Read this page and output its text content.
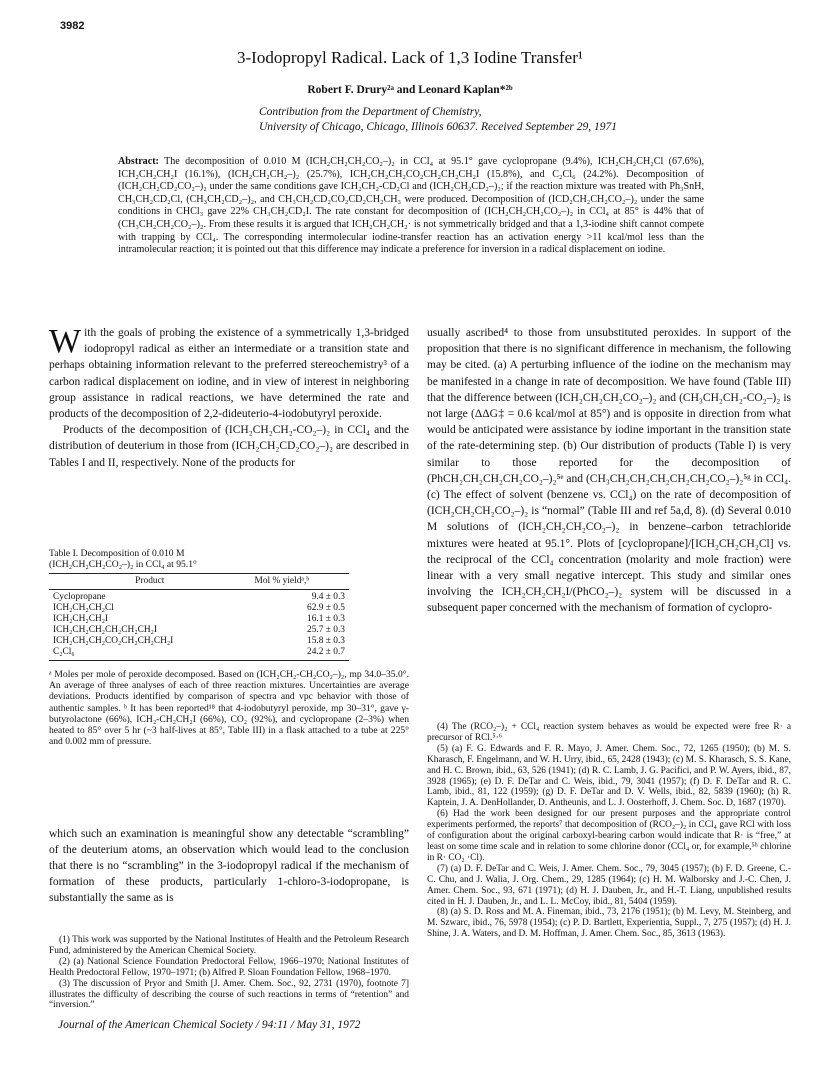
3982
3-Iodopropyl Radical. Lack of 1,3 Iodine Transfer¹
Robert F. Drury²ᵃ and Leonard Kaplan*²ᵇ
Contribution from the Department of Chemistry,
University of Chicago, Chicago, Illinois 60637. Received September 29, 1971
Abstract: The decomposition of 0.010 M (ICH₂CH₂CH₂CO₂–)₂ in CCl₄ at 95.1° gave cyclopropane (9.4%), ICH₂CH₂CH₂Cl (67.6%), ICH₂CH₂CH₂I (16.1%), (ICH₂CH₂CH₂–)₂ (25.7%), ICH₂CH₂CH₂CO₂CH₂CH₂CH₂I (15.8%), and C₂Cl₆ (24.2%). Decomposition of (ICH₂CH₂CD₂CO₂–)₂ under the same conditions gave ICH₂CH₂-CD₂Cl and (ICH₂CH₂CD₂–)₂; if the reaction mixture was treated with Ph₃SnH, CH₃CH₂CD₂Cl, (CH₃CH₂CD₂–)₂, and CH₃CH₂CD₂CO₂CD₂CH₂CH₃ were produced. Decomposition of (ICD₂CH₂CH₂CO₂–)₂ under the same conditions in CHCl₃ gave 22% CH₃CH₂CD₂I. The rate constant for decomposition of (ICH₂CH₂CH₂CO₂–)₂ in CCl₄ at 85° is 44% that of (CH₃CH₂CH₂CO₂–)₂. From these results it is argued that ICH₂CH₂CH₂· is not symmetrically bridged and that a 1,3-iodine shift cannot compete with trapping by CCl₄. The corresponding intermolecular iodine-transfer reaction has an activation energy >11 kcal/mol less than the intramolecular reaction; it is pointed out that this difference may indicate a preference for inversion in a radical displacement on iodine.
W ith the goals of probing the existence of a symmetrically 1,3-bridged iodopropyl radical as either an intermediate or a transition state and perhaps obtaining information relevant to the preferred stereochemistry³ of a carbon radical displacement on iodine, and in view of interest in neighboring group assistance in radical reactions, we have determined the rate and products of the decomposition of 2,2-dideuterio-4-iodobutyryl peroxide.
Products of the decomposition of (ICH₂CH₂CH₂-CO₂–)₂ in CCl₄ and the distribution of deuterium in those from (ICH₂CH₂CD₂CO₂–)₂ are described in Tables I and II, respectively. None of the products for
Table I. Decomposition of 0.010 M
(ICH₂CH₂CH₂CO₂–)₂ in CCl₄ at 95.1°
Product	Mol % yieldᵃ,ᵇ
Cyclopropane	9.4 ± 0.3
ICH₂CH₂CH₂Cl	62.9 ± 0.5
ICH₂CH₂CH₂I	16.1 ± 0.3
ICH₂CH₂CH₂CH₂CH₂CH₂I	25.7 ± 0.3
ICH₂CH₂CH₂CO₂CH₂CH₂CH₂I	15.8 ± 0.3
C₂Cl₆	24.2 ± 0.7
ᵃ Moles per mole of peroxide decomposed. Based on (ICH₂CH₂-CH₂CO₂–)₂, mp 34.0–35.0°. An average of three analyses of each of three reaction mixtures. Uncertainties are average deviations. Products identified by comparison of spectra and vpc behavior with those of authentic samples. ᵇ It has been reported¹⁸ that 4-iodobutyryl peroxide, mp 30–31°, gave γ-butyrolactone (66%), ICH₂-CH₂CH₂I (66%), CO₂ (92%), and cyclopropane (2–3%) when heated to 85° over 5 hr (~3 half-lives at 85°, Table III) in a flask attached to a tube at 225° and 0.002 mm of pressure.
which such an examination is meaningful show any detectable “scrambling” of the deuterium atoms, an observation which would lead to the conclusion that there is no “scrambling” in the 3-iodopropyl radical if the mechanism of formation of these products, particularly 1-chloro-3-iodopropane, is substantially the same as is

(1) This work was supported by the National Institutes of Health and the Petroleum Research Fund, administered by the American Chemical Society.

(2) (a) National Science Foundation Predoctoral Fellow, 1966–1970; National Institutes of Health Predoctoral Fellow, 1970–1971; (b) Alfred P. Sloan Foundation Fellow, 1968–1970.

(3) The discussion of Pryor and Smith [J. Amer. Chem. Soc., 92, 2731 (1970), footnote 7] illustrates the difficulty of describing the course of such reactions in terms of “retention” and “inversion.”

usually ascribed⁴ to those from unsubstituted peroxides. In support of the proposition that there is no significant difference in mechanism, the following may be cited. (a) A perturbing influence of the iodine on the mechanism may be manifested in a change in rate of decomposition. We have found (Table III) that the difference between (ICH₂CH₂CH₂CO₂–)₂ and (CH₃CH₂CH₂-CO₂–)₂ is not large (ΔΔG‡ = 0.6 kcal/mol at 85°) and is opposite in direction from what would be anticipated were assistance by iodine important in the transition state of the rate-determining step. (b) Our distribution of products (Table I) is very similar to those reported for the decomposition of (PhCH₂CH₂CH₂CH₂CO₂–)₂⁵ᵉ and (CH₃CH₂CH₂CH₂CH₂CH₂CO₂–)₂⁵ᵍ in CCl₄. (c) The effect of solvent (benzene vs. CCl₄) on the rate of decomposition of (ICH₂CH₂CH₂CO₂–)₂ is “normal” (Table III and ref 5a,d, 8). (d) Several 0.010 M solutions of (ICH₂CH₂CH₂CO₂–)₂ in benzene–carbon tetrachloride mixtures were heated at 95.1°. Plots of [cyclopropane]/[ICH₂CH₂CH₂Cl] vs. the reciprocal of the CCl₄ concentration (molarity and mole fraction) were linear with a very small negative intercept. This study and similar ones involving the ICH₂CH₂CH₂I/(PhCO₂–)₂ system will be discussed in a subsequent paper concerned with the mechanism of formation of cyclopro-

(4) The (RCO₂–)₂ + CCl₄ reaction system behaves as would be expected were free R· a precursor of RCl.⁵·⁶

(5) (a) F. G. Edwards and F. R. Mayo, J. Amer. Chem. Soc., 72, 1265 (1950); (b) M. S. Kharasch, F. Engelmann, and W. H. Urry, ibid., 65, 2428 (1943); (c) M. S. Kharasch, S. S. Kane, and H. C. Brown, ibid., 63, 526 (1941); (d) R. C. Lamb, J. G. Pacifici, and P. W. Ayers, ibid., 87, 3928 (1965); (e) D. F. DeTar and C. Weis, ibid., 79, 3041 (1957); (f) D. F. DeTar and R. C. Lamb, ibid., 81, 122 (1959); (g) D. F. DeTar and D. V. Wells, ibid., 82, 5839 (1960); (h) R. Kaptein, J. A. DenHollander, D. Antheunis, and L. J. Oosterhoff, J. Chem. Soc. D, 1687 (1970).

(6) Had the work been designed for our present purposes and the appropriate control experiments performed, the reports⁷ that decomposition of (RCO₂–)₂ in CCl₄ gave RCl with loss of configuration about the original carboxyl-bearing carbon would indicate that R· is “free,” at least on some time scale and in relation to some chlorine donor (CCl₄ or, for example,⁵ʰ chlorine in R· CO₂ ·Cl).

(7) (a) D. F. DeTar and C. Weis, J. Amer. Chem. Soc., 79, 3045 (1957); (b) F. D. Greene, C.-C. Chu, and J. Walia, J. Org. Chem., 29, 1285 (1964); (c) H. M. Walborsky and J.-C. Chen, J. Amer. Chem. Soc., 93, 671 (1971); (d) H. J. Dauben, Jr., and H.-T. Liang, unpublished results cited in H. J. Dauben, Jr., and L. L. McCoy, ibid., 81, 5404 (1959).

(8) (a) S. D. Ross and M. A. Fineman, ibid., 73, 2176 (1951); (b) M. Levy, M. Steinberg, and M. Szwarc, ibid., 76, 5978 (1954); (c) P. D. Bartlett, Experientia, Suppl., 7, 275 (1957); (d) H. J. Shine, J. A. Waters, and D. M. Hoffman, J. Amer. Chem. Soc., 85, 3613 (1963).

Journal of the American Chemical Society / 94:11 / May 31, 1972
